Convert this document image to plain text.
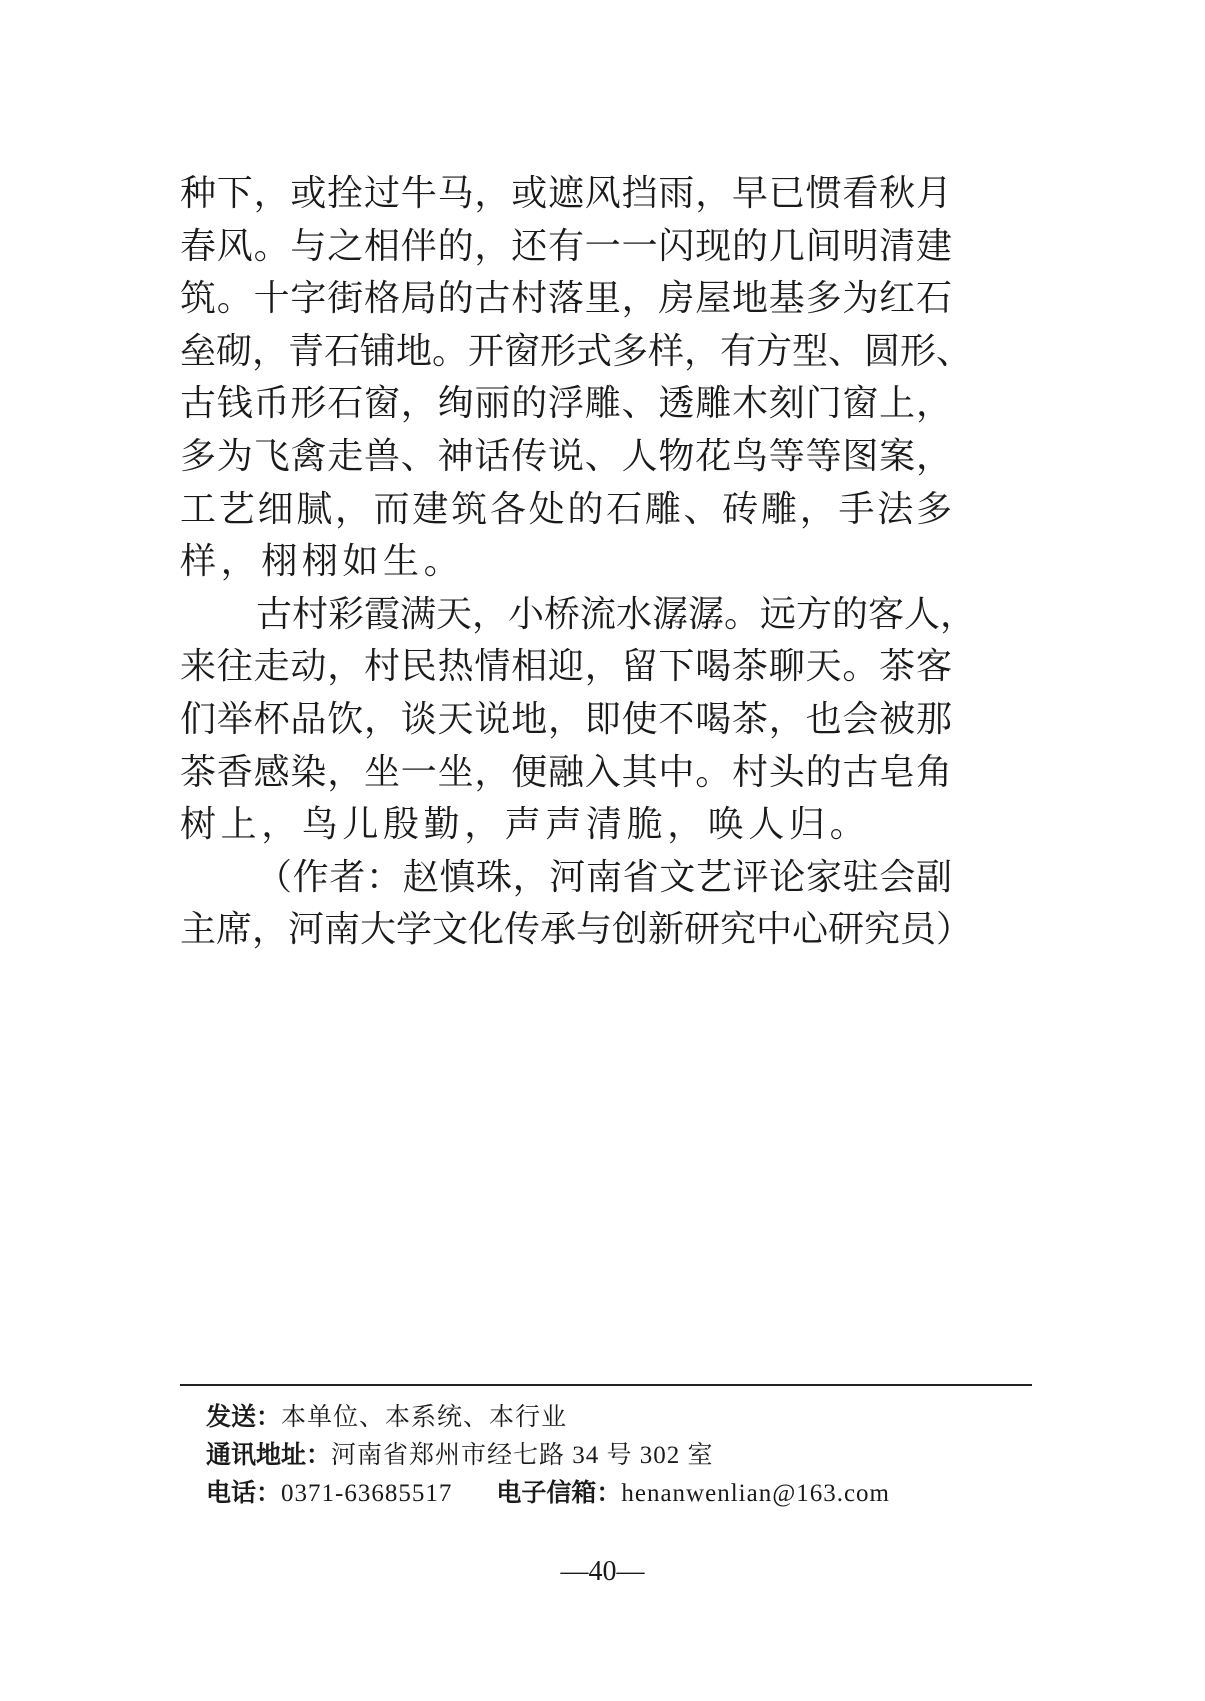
种下，或拴过牛马，或遮风挡雨，早已惯看秋月
春风。与之相伴的，还有一一闪现的几间明清建
筑。十字街格局的古村落里，房屋地基多为红石
垒砌，青石铺地。开窗形式多样，有方型、圆形、
古钱币形石窗，绚丽的浮雕、透雕木刻门窗上，
多为飞禽走兽、神话传说、人物花鸟等等图案，
工艺细腻，而建筑各处的石雕、砖雕，手法多
样，栩栩如生。
古村彩霞满天，小桥流水潺潺。远方的客人，
来往走动，村民热情相迎，留下喝茶聊天。茶客
们举杯品饮，谈天说地，即使不喝茶，也会被那
茶香感染，坐一坐，便融入其中。村头的古皂角
树上，鸟儿殷勤，声声清脆，唤人归。
（作者：赵慎珠，河南省文艺评论家驻会副
主席，河南大学文化传承与创新研究中心研究员）
发送：本单位、本系统、本行业
通讯地址：河南省郑州市经七路 34 号 302 室
电话：0371-63685517 电子信箱：henanwenlian@163.com
—40—
